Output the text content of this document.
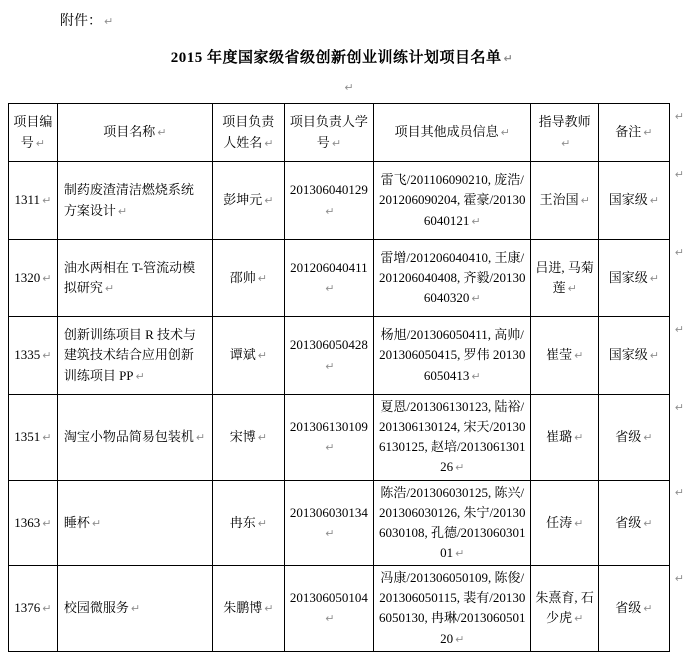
附件： ↵
2015 年度国家级省级创新创业训练计划项目名单 ↵
↵
项目编号 ↵	项目名称 ↵	项目负责人姓名 ↵	项目负责人学号 ↵	项目其他成员信息 ↵	指导教师↵	备注 ↵	↵
1311 ↵	制药废渣清洁燃烧系统方案设计 ↵	彭坤元 ↵	201306040129↵	雷飞/201106090210, 庞浩/201206090204, 霍豪/201306040121 ↵	王治国 ↵	国家级 ↵	↵
1320 ↵	油水两相在 T-管流动模拟研究 ↵	邵帅 ↵	201206040411↵	雷增/201206040410, 王康/201206040408, 齐毅/201306040320 ↵	吕进, 马菊莲 ↵	国家级 ↵	↵
1335 ↵	创新训练项目 R 技术与建筑技术结合应用创新训练项目 PP ↵	谭斌 ↵	201306050428↵	杨旭/201306050411, 高帅/201306050415, 罗伟 201306050413 ↵	崔莹 ↵	国家级 ↵	↵
1351 ↵	淘宝小物品简易包装机 ↵	宋博 ↵	201306130109↵	夏恩/201306130123, 陆裕/201306130124, 宋天/201306130125, 赵培/201306130126 ↵	崔璐 ↵	省级 ↵	↵
1363 ↵	睡杯 ↵	冉东 ↵	201306030134↵	陈浩/201306030125, 陈兴/201306030126, 朱宁/201306030108, 孔德/201306030101 ↵	任涛 ↵	省级 ↵	↵
1376 ↵	校园微服务 ↵	朱鹏博 ↵	201306050104↵	冯康/201306050109, 陈俊/201306050115, 裴有/201306050130, 冉琳/201306050120 ↵	朱熹育, 石少虎 ↵	省级 ↵	↵
